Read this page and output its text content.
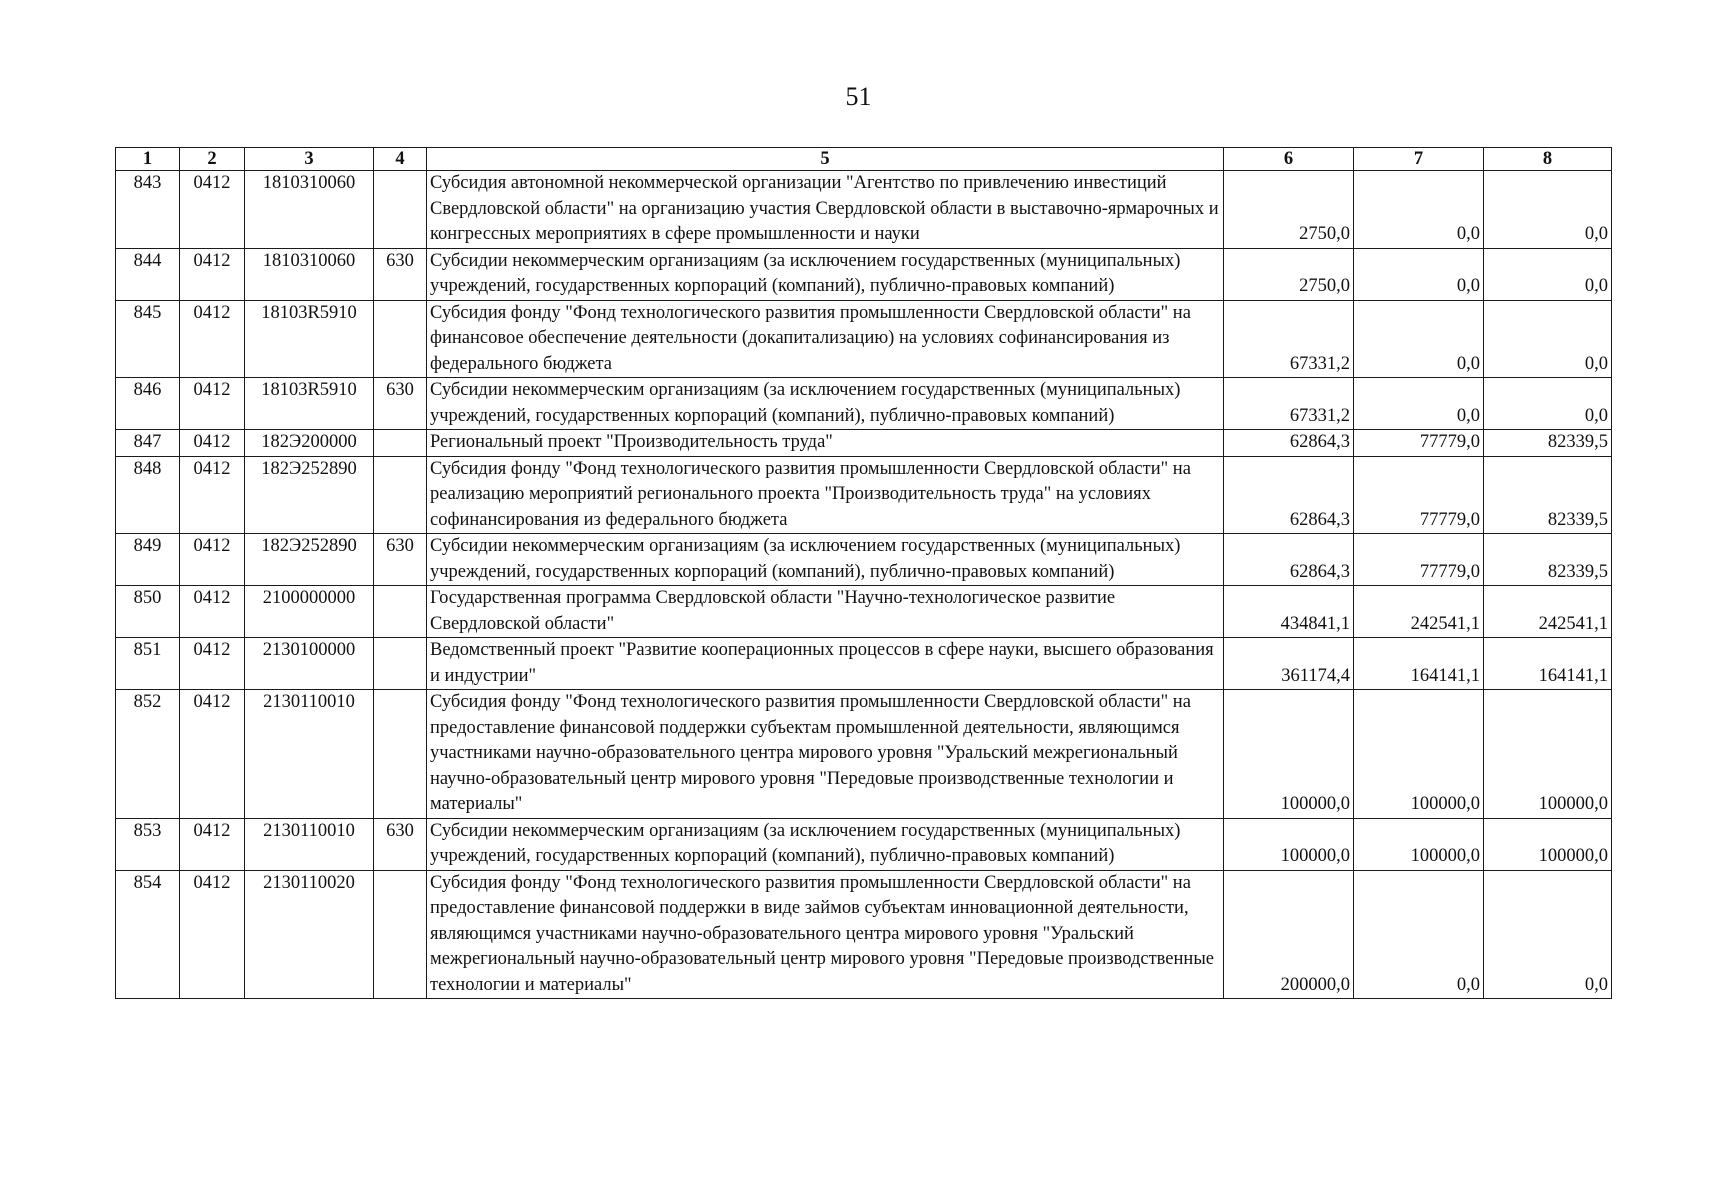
51
1	2	3	4	5	6	7	8
843	0412	1810310060		Субсидия автономной некоммерческой организации "Агентство по привлечению инвестиций Свердловской области" на организацию участия Свердловской области в выставочно-ярмарочных и конгрессных мероприятиях в сфере промышленности и науки	2750,0	0,0	0,0
844	0412	1810310060	630	Субсидии некоммерческим организациям (за исключением государственных (муниципальных) учреждений, государственных корпораций (компаний), публично-правовых компаний)	2750,0	0,0	0,0
845	0412	18103R5910		Субсидия фонду "Фонд технологического развития промышленности Свердловской области" на финансовое обеспечение деятельности (докапитализацию) на условиях софинансирования из федерального бюджета	67331,2	0,0	0,0
846	0412	18103R5910	630	Субсидии некоммерческим организациям (за исключением государственных (муниципальных) учреждений, государственных корпораций (компаний), публично-правовых компаний)	67331,2	0,0	0,0
847	0412	182Э200000		Региональный проект "Производительность труда"	62864,3	77779,0	82339,5
848	0412	182Э252890		Субсидия фонду "Фонд технологического развития промышленности Свердловской области" на реализацию мероприятий регионального проекта "Производительность труда" на условиях софинансирования из федерального бюджета	62864,3	77779,0	82339,5
849	0412	182Э252890	630	Субсидии некоммерческим организациям (за исключением государственных (муниципальных) учреждений, государственных корпораций (компаний), публично-правовых компаний)	62864,3	77779,0	82339,5
850	0412	2100000000		Государственная программа Свердловской области "Научно-технологическое развитие Свердловской области"	434841,1	242541,1	242541,1
851	0412	2130100000		Ведомственный проект "Развитие кооперационных процессов в сфере науки, высшего образования и индустрии"	361174,4	164141,1	164141,1
852	0412	2130110010		Субсидия фонду "Фонд технологического развития промышленности Свердловской области" на предоставление финансовой поддержки субъектам промышленной деятельности, являющимся участниками научно-образовательного центра мирового уровня "Уральский межрегиональный научно-образовательный центр мирового уровня "Передовые производственные технологии и материалы"	100000,0	100000,0	100000,0
853	0412	2130110010	630	Субсидии некоммерческим организациям (за исключением государственных (муниципальных) учреждений, государственных корпораций (компаний), публично-правовых компаний)	100000,0	100000,0	100000,0
854	0412	2130110020		Субсидия фонду "Фонд технологического развития промышленности Свердловской области" на предоставление финансовой поддержки в виде займов субъектам инновационной деятельности, являющимся участниками научно-образовательного центра мирового уровня "Уральский межрегиональный научно-образовательный центр мирового уровня "Передовые производственные технологии и материалы"	200000,0	0,0	0,0
